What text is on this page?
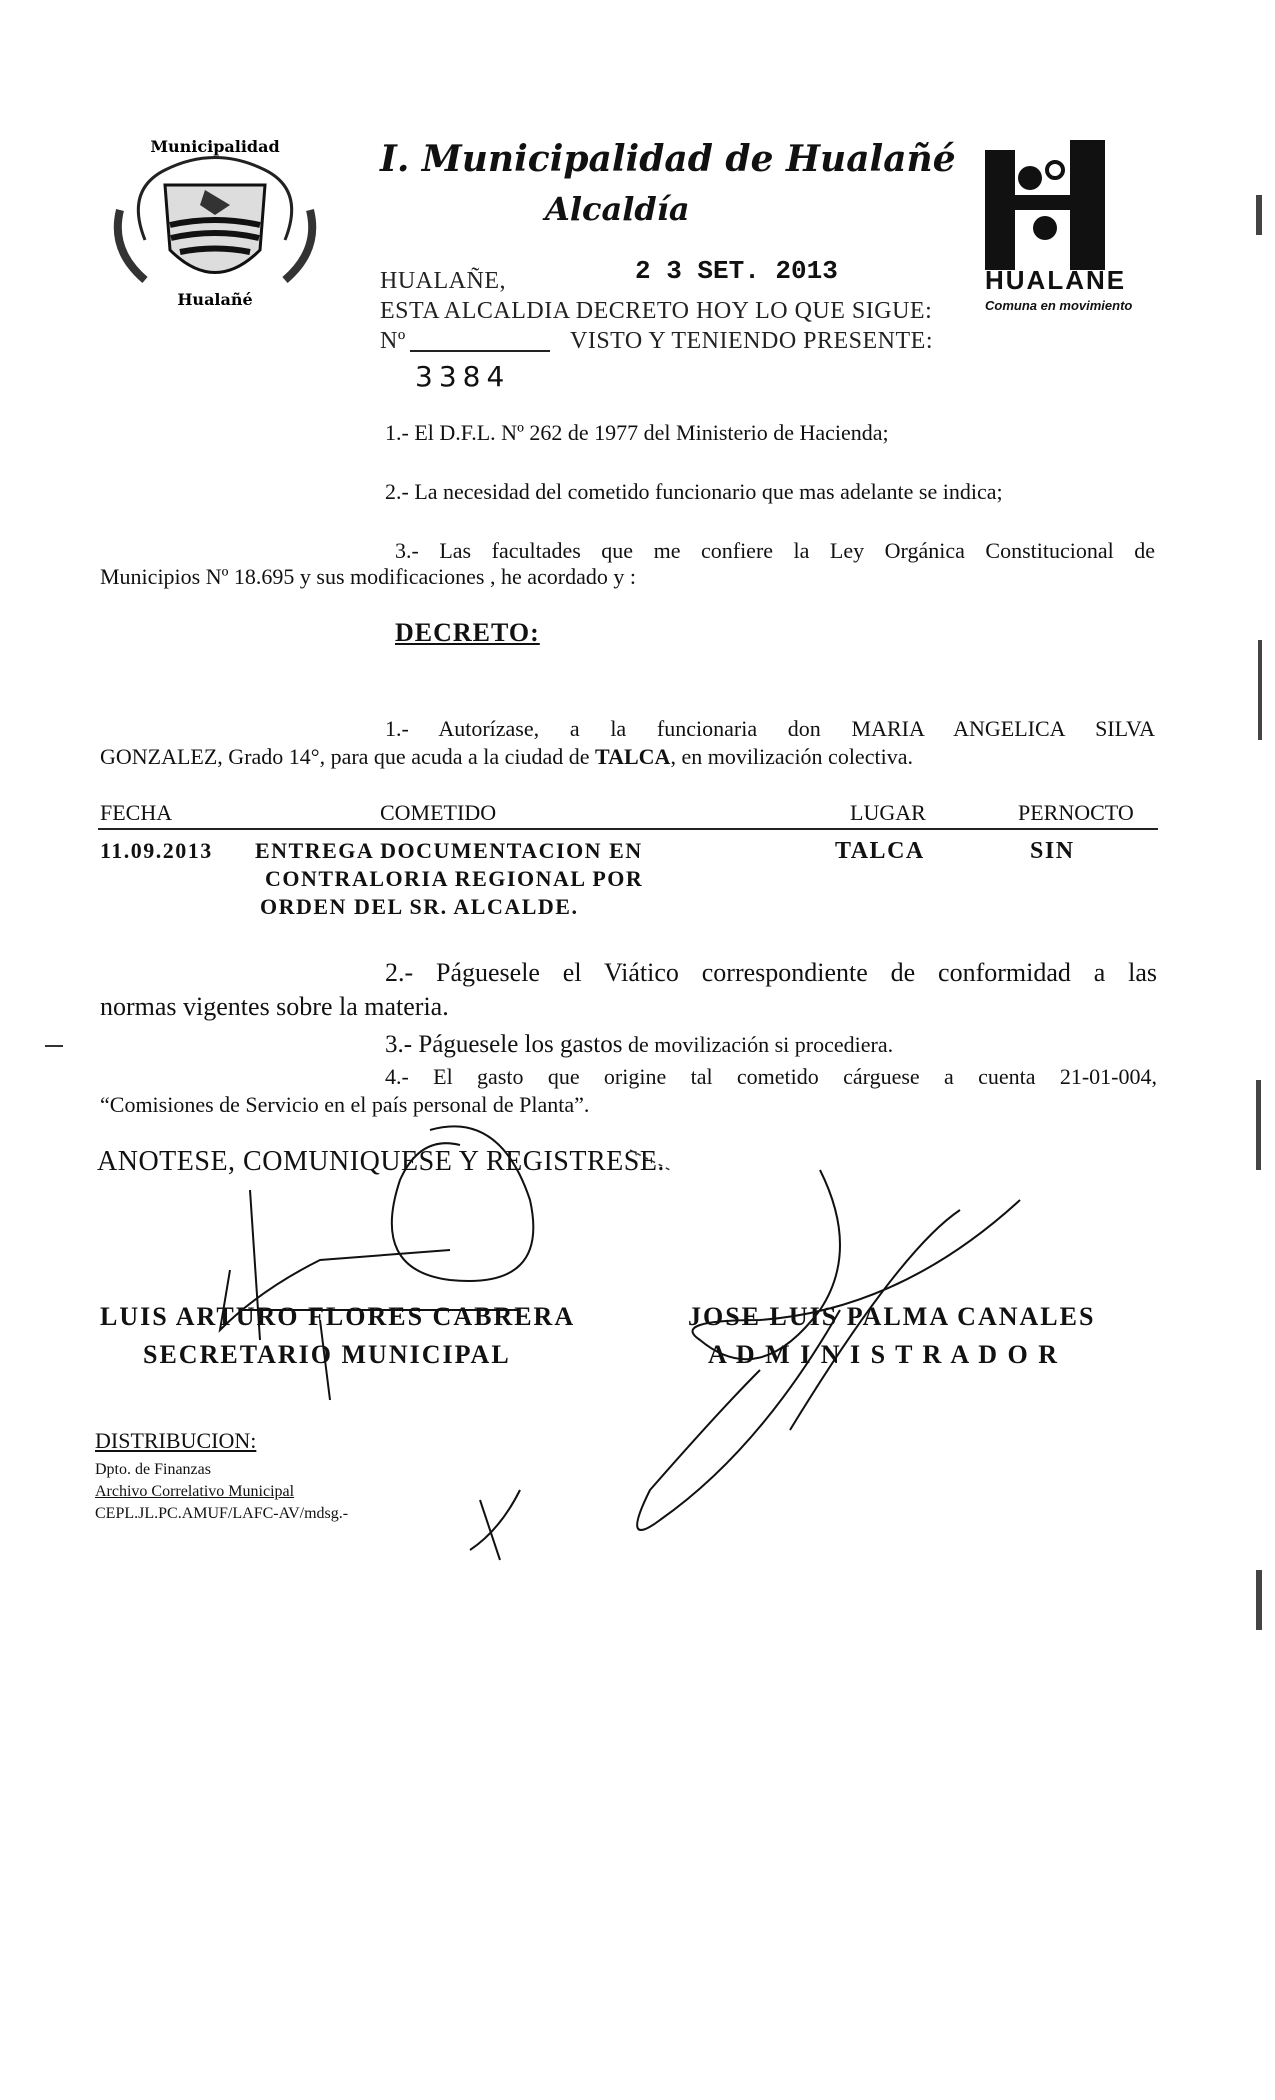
Municipalidad
Hualañé
I. Municipalidad de Hualañé
Alcaldía
HUALAÑE
Comuna en movimiento
HUALAÑE,	2 3 SET. 2013
ESTA ALCALDIA DECRETO HOY LO QUE SIGUE:
Nº	VISTO Y TENIENDO PRESENTE:
3384
1.- El D.F.L. Nº 262 de 1977 del Ministerio de Hacienda;
2.- La necesidad del cometido funcionario que mas adelante se indica;
3.- Las facultades que me confiere la Ley Orgánica Constitucional de
Municipios Nº 18.695 y sus modificaciones , he acordado y :
DECRETO:
1.- Autorízase, a la funcionaria don MARIA ANGELICA SILVA
GONZALEZ, Grado 14°, para que acuda a la ciudad de TALCA, en movilización colectiva.
FECHA	COMETIDO	LUGAR	PERNOCTO
11.09.2013 ENTREGA DOCUMENTACION EN
CONTRALORIA REGIONAL POR
ORDEN DEL SR. ALCALDE.
TALCA	SIN
2.- Páguesele el Viático correspondiente de conformidad a las
normas vigentes sobre la materia.
3.- Páguesele los gastos de movilización si procediera.
4.- El gasto que origine tal cometido cárguese a cuenta 21-01-004,
“Comisiones de Servicio en el país personal de Planta”.
ANOTESE, COMUNIQUESE Y REGISTRESE.
LUIS ARTURO FLORES CABRERA
SECRETARIO MUNICIPAL
JOSE LUIS PALMA CANALES
A D M I N I S T R A D O R
DISTRIBUCION:
Dpto. de Finanzas
Archivo Correlativo Municipal
CEPL.JL.PC.AMUF/LAFC-AV/mdsg.-
